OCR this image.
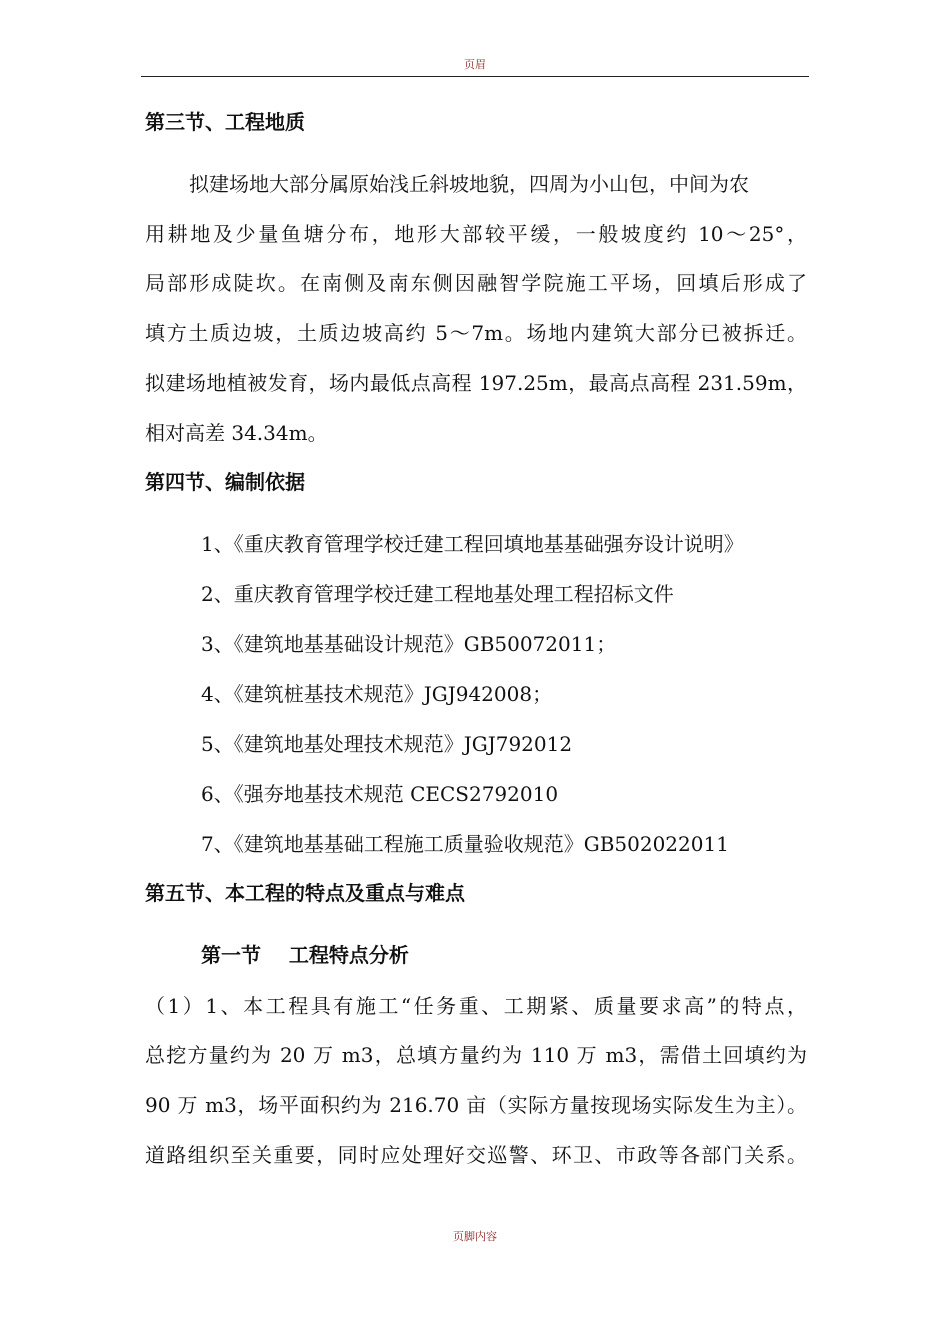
页眉
第三节、工程地质
拟建场地大部分属原始浅丘斜坡地貌，四周为小山包，中间为农
用耕地及少量鱼塘分布，地形大部较平缓，一般坡度约 10～25°，
局部形成陡坎。在南侧及南东侧因融智学院施工平场，回填后形成了
填方土质边坡，土质边坡高约 5～7m。场地内建筑大部分已被拆迁。
拟建场地植被发育，场内最低点高程 197.25m，最高点高程 231.59m，
相对高差 34.34m。
第四节、编制依据
1、《重庆教育管理学校迁建工程回填地基基础强夯设计说明》
2、重庆教育管理学校迁建工程地基处理工程招标文件
3、《建筑地基基础设计规范》GB50072011；
4、《建筑桩基技术规范》JGJ942008；
5、《建筑地基处理技术规范》JGJ792012
6、《强夯地基技术规范 CECS2792010
7、《建筑地基基础工程施工质量验收规范》GB502022011
第五节、本工程的特点及重点与难点
第一节    工程特点分析
（1）1、本工程具有施工“任务重、工期紧、质量要求高”的特点，
总挖方量约为 20 万 m3，总填方量约为 110 万 m3，需借土回填约为
90 万 m3，场平面积约为 216.70 亩（实际方量按现场实际发生为主）。
道路组织至关重要，同时应处理好交巡警、环卫、市政等各部门关系。
页脚内容
